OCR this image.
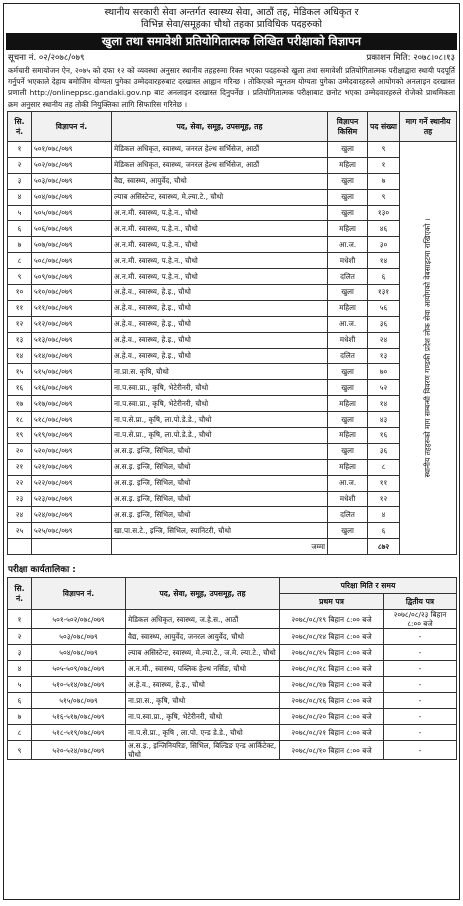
स्थानीय सरकारी सेवा अन्तर्गत स्वास्थ्य सेवा, आठौं तह, मेडिकल अधिकृत र
विभिन्न सेवा/समूहका चौथो तहका प्राविधिक पदहरुको
खुला तथा समावेशी प्रतियोगितात्मक लिखित परीक्षाको विज्ञापन
सूचना नं. ०२/२०७८/०७९	प्रकाशन मिति: २०७८।०८।१३
कर्मचारी समायोजन ऐन, २०७५ को दफा १२ को व्यवस्था अनुसार स्थानीय तहहरुमा रिक्त भएका पदहरुको खुला तथा समावेशी प्रतियोगितात्मक परीक्षाद्वारा स्थायी पदपूर्ति गर्नुपर्ने भएकाले देहाय बमोजिम योग्यता पुगेका उम्मेदवारहरुबाट दरखास्त आह्वान गरिन्छ । तोकिएको न्यूनतम योग्यता पुगेका उम्मेदवारहरुले आयोगको अनलाइन दरखास्त प्रणाली http://onlineppsc.gandaki.gov.np बाट अनलाइन दरखास्त दिनुपर्नेछ । प्रतियोगितात्मक परीक्षाबाट छनोट भएका उम्मेदवारहरुले रोजेको प्राथमिकता क्रम अनुसार स्थानीय तह तोकी नियुक्तिका लागि सिफारिस गरिनेछ ।
सि. नं.	विज्ञापन नं.	पद, सेवा, समूह, उपसमूह, तह	विज्ञापन किसिम	पद संख्या	माग गर्ने स्थानीय तह
१	५०१/०७८/०७९	मेडिकल अधिकृत, स्वास्थ्य, जनरल हेल्थ सर्भिसेज, आठौं	खुला	९	स्थानीय तहहरुको माग सम्बन्धी विवरण गण्डकी प्रदेश लोक सेवा आयोगको वेबसाइटमा राखिएको ।

२	५०२/०७८/०७९	मेडिकल अधिकृत, स्वास्थ्य, जनरल हेल्थ सर्भिसेज, आठौं	महिला	१	
३	५०३/०७८/०७९	वैद्य, स्वास्थ्य, आयुर्वेद, चौथो	खुला	७	
४	५०४/०७८/०७९	ल्याब असिस्टेन्ट, स्वास्थ्य, मे.ल्या.टे., चौथो	खुला	९	
५	५०५/०७८/०७९	अ.न.मी. स्वास्थ्य, प.हे.न., चौथो	खुला	१३०	
६	५०६/०७८/०७९	अ.न.मी. स्वास्थ्य, प.हे.न., चौथो	महिला	४६	
७	५०७/०७८/०७९	अ.न.मी. स्वास्थ्य, प.हे.न., चौथो	आ.ज.	३०	
८	५०८/०७८/०७९	अ.न.मी. स्वास्थ्य, प.हे.न., चौथो	मधेशी	१४	
९	५०९/०७८/०७९	अ.न.मी. स्वास्थ्य, प.हे.न., चौथो	दलित	६	
१०	५१०/०७८/०७९	अ.हे.व., स्वास्थ्य, हे.इ., चौथो	खुला	१३१	
११	५११/०७८/०७९	अ.हे.व., स्वास्थ्य, हे.इ., चौथो	महिला	५६	
१२	५१२/०७८/०७९	अ.हे.व., स्वास्थ्य, हे.इ., चौथो	आ.ज.	३६	
१३	५१३/०७८/०७९	अ.हे.व., स्वास्थ्य, हे.इ., चौथो	मधेशी	२४	
१४	५१४/०७८/०७९	अ.हे.व., स्वास्थ्य, हे.इ., चौथो	दलित	१३	
१५	५१५/०७८/०७९	ना.प्रा.स. कृषि, चौथो	खुला	७०	
१६	५१६/०७८/०७९	ना.प.स्वा.प्रा., कृषि, भेटेरीनरी, चौथो	खुला	५२	
१७	५१७/०७८/०७९	ना.प.स्वा.प्रा., कृषि, भेटेरीनरी, चौथो	महिला	१४	
१८	५१८/०७८/०७९	ना.प.से.प्रा., कृषि, ला.पो.डे.डे., चौथो	खुला	४३	
१९	५१९/०७८/०७९	ना.प.से.प्रा., कृषि, ला.पो.डे.डे., चौथो	महिला	१६	
२०	५२०/०७८/०७९	अ.स.इ. इन्जि, सिभिल, चौथो	खुला	३६	
२१	५२१/०७८/०७९	अ.स.इ. इन्जि, सिभिल, चौथो	महिला	८	
२२	५२२/०७८/०७९	अ.स.इ. इन्जि, सिभिल, चौथो	आ.ज.	११	
२३	५२३/०७८/०७९	अ.स.इ. इन्जि, सिभिल, चौथो	मधेशी	१२	
२४	५२४/०७८/०७९	अ.स.इ. इन्जि, सिभिल, चौथो	दलित	४	
२५	५२५/०७८/०७९	खा.पा.स.टे., इन्जि, सिभिल, स्यानिटरी, चौथो	खुला	६	
		जम्मा		८७२	
परीक्षा कार्यतालिका :
सि. नं.	विज्ञापन नं.	पद, सेवा, समूह, उपसमूह, तह	परिक्षा मिति र समय	
			प्रथम पत्र	द्वितीय पत्र
१	५०१-५०२/०७८/०७९	मेडिकल अधिकृत, स्वास्थ्य, ज.हे.स., आठौं	२०७८/०८/१९ बिहान ८:०० बजे	२०७८/०८/२३ बिहान ८:०० बजे
२	५०३/०७८/०७९	वैद्य, स्वास्थ्य, आयुर्वेद, जनरल आयुर्वेद, चौथो	२०७८/०८/१४ बिहान ८:०० बजे	-
३	५०४/०७८/०७९	ल्याब असिस्टेन्ट, स्वास्थ्य, मे.ल्या.टे., ज.मे. ल्या.टे., चौथो	२०७८/०८/१५ बिहान ८:०० बजे	-
४	५०५-५०९/०७८/०७९	अ.न.मी., स्वास्थ्य, पब्लिक हेल्थ नर्सिङ, चौथो	२०७८/०८/१८ बिहान ८:०० बजे	-
५	५१०-५१४/०७८/०७९	अ.हे.व., स्वास्थ्य, हे.इ., चौथो	२०७८/०८/१७ बिहान ८:०० बजे	-
६	५१५/०७८/०७९	ना.प्रा.स., कृषि, चौथो	२०७८/०८/१६ बिहान ८:०० बजे	-
७	५१६-५१७/०७८/०७९	ना.प.स्वा.प्रा., कृषि, भेटेरीनरी, चौथो	२०७८/०८/२० बिहान ८:०० बजे	-
८	५१८-५१९/०७८/०७९	ना.प.से.प्रा., कृषि , ला.पो. एन्ड डे.डे., चौथो	२०७८/०८/२१ बिहान ८:०० बजे	-
९	५२०-५२४/०७८/०७९	अ.स.इ., इन्जिनियरिङ, सिभिल, बिल्डिङ एन्ड आर्किटेक्ट, चौथो	२०७८/०८/१० बिहान ८:०० बजे	-
